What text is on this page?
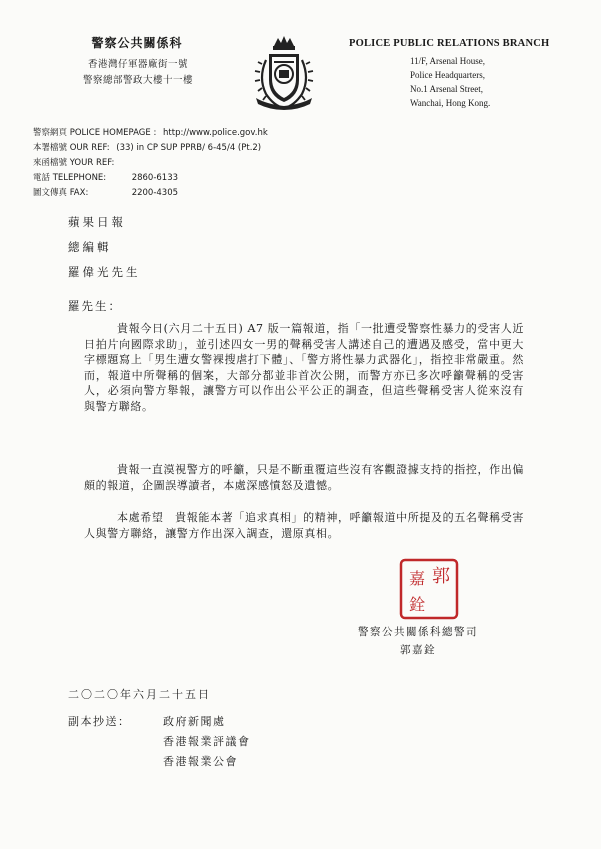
警察公共關係科
香港灣仔軍器廠街一號
警察總部警政大樓十一樓
POLICE PUBLIC RELATIONS BRANCH
11/F, Arsenal House,
Police Headquarters,
No.1 Arsenal Street,
Wanchai, Hong Kong.
警察網頁 POLICE HOMEPAGE : http://www.police.gov.hk
本署檔號 OUR REF: (33) in CP SUP PPRB/ 6-45/4 (Pt.2)
來函檔號 YOUR REF:
電話 TELEPHONE:	2860-6133
圖文傳真 FAX:	2200-4305
蘋果日報
總編輯
羅偉光先生
羅先生：
貴報今日(六月二十五日) A7 版一篇報道，指「一批遭受警察性暴力的受害人近日拍片向國際求助」，並引述四女一男的聲稱受害人講述自己的遭遇及感受，當中更大字標題寫上「男生遭女警裸搜虐打下體」、「警方將性暴力武器化」，指控非常嚴重。然而，報道中所聲稱的個案，大部分都並非首次公開，而警方亦已多次呼籲聲稱的受害人，必須向警方舉報，讓警方可以作出公平公正的調查，但這些聲稱受害人從來沒有與警方聯絡。
貴報一直漠視警方的呼籲，只是不斷重覆這些沒有客觀證據支持的指控，作出偏頗的報道，企圖誤導讀者，本處深感憤怒及遺憾。
本處希望　貴報能本著「追求真相」的精神，呼籲報道中所提及的五名聲稱受害人與警方聯絡，讓警方作出深入調查，還原真相。
郭
嘉
銓
警察公共關係科總警司
郭嘉銓
二〇二〇年六月二十五日
副本抄送：	政府新聞處
香港報業評議會
香港報業公會
